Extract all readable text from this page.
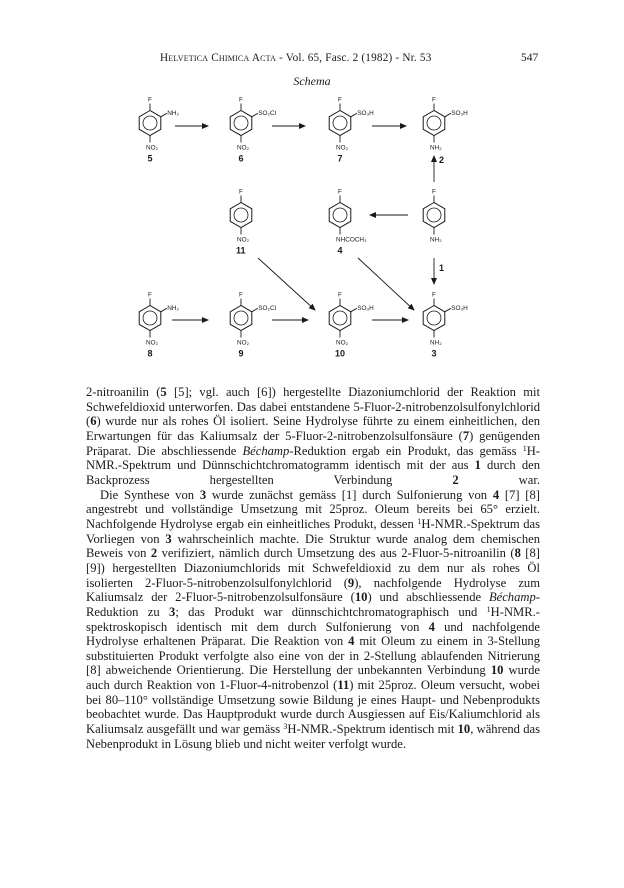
Helvetica Chimica Acta - Vol. 65, Fasc. 2 (1982) - Nr. 53	547
Schema
F
NO₂
NH₂
5
F
NO₂
SO₂Cl
6
F
NO₂
SO₃H
7
F
NH₂
SO₃H
F
NO₂
11
F
NHCOCH₃
4
F
NH₂
F
NO₂
NH₂
8
F
NO₂
SO₂Cl
9
F
NO₂
SO₃H
10
F
NH₂
SO₃H
3
2
1

2-nitroanilin (5 [5]; vgl. auch [6]) hergestellte Diazoniumchlorid der Reaktion mit Schwefeldioxid unterworfen. Das dabei entstandene 5-Fluor-2-nitrobenzolsulfonylchlorid (6) wurde nur als rohes Öl isoliert. Seine Hydrolyse führte zu einem einheitlichen, den Erwartungen für das Kaliumsalz der 5-Fluor-2-nitrobenzolsulfonsäure (7) genügenden Präparat. Die abschliessende Béchamp-Reduktion ergab ein Produkt, das gemäss $^1$H-NMR.-Spektrum und Dünnschichtchromatogramm identisch mit der aus 1 durch den Backprozess hergestellten Verbindung 2 war.

Die Synthese von 3 wurde zunächst gemäss [1] durch Sulfonierung von 4 [7] [8] angestrebt und vollständige Umsetzung mit 25proz. Oleum bereits bei 65° erzielt. Nachfolgende Hydrolyse ergab ein einheitliches Produkt, dessen $^1$H-NMR.-Spektrum das Vorliegen von 3 wahrscheinlich machte. Die Struktur wurde analog dem chemischen Beweis von 2 verifiziert, nämlich durch Umsetzung des aus 2-Fluor-5-nitroanilin (8 [8] [9]) hergestellten Diazoniumchlorids mit Schwefeldioxid zu dem nur als rohes Öl isolierten 2-Fluor-5-nitrobenzolsulfonylchlorid (9), nachfolgende Hydrolyse zum Kaliumsalz der 2-Fluor-5-nitrobenzolsulfonsäure (10) und abschliessende Béchamp-Reduktion zu 3; das Produkt war dünnschichtchromatographisch und $^1$H-NMR.-spektroskopisch identisch mit dem durch Sulfonierung von 4 und nachfolgende Hydrolyse erhaltenen Präparat. Die Reaktion von 4 mit Oleum zu einem in 3-Stellung substituierten Produkt verfolgte also eine von der in 2-Stellung ablaufenden Nitrierung [8] abweichende Orientierung. Die Herstellung der unbekannten Verbindung 10 wurde auch durch Reaktion von 1-Fluor-4-nitrobenzol (11) mit 25proz. Oleum versucht, wobei bei 80–110° vollständige Umsetzung sowie Bildung je eines Haupt- und Nebenprodukts beobachtet wurde. Das Hauptprodukt wurde durch Ausgiessen auf Eis/Kaliumchlorid als Kaliumsalz ausgefällt und war gemäss $^3$H-NMR.-Spektrum identisch mit 10, während das Nebenprodukt in Lösung blieb und nicht weiter verfolgt wurde.
